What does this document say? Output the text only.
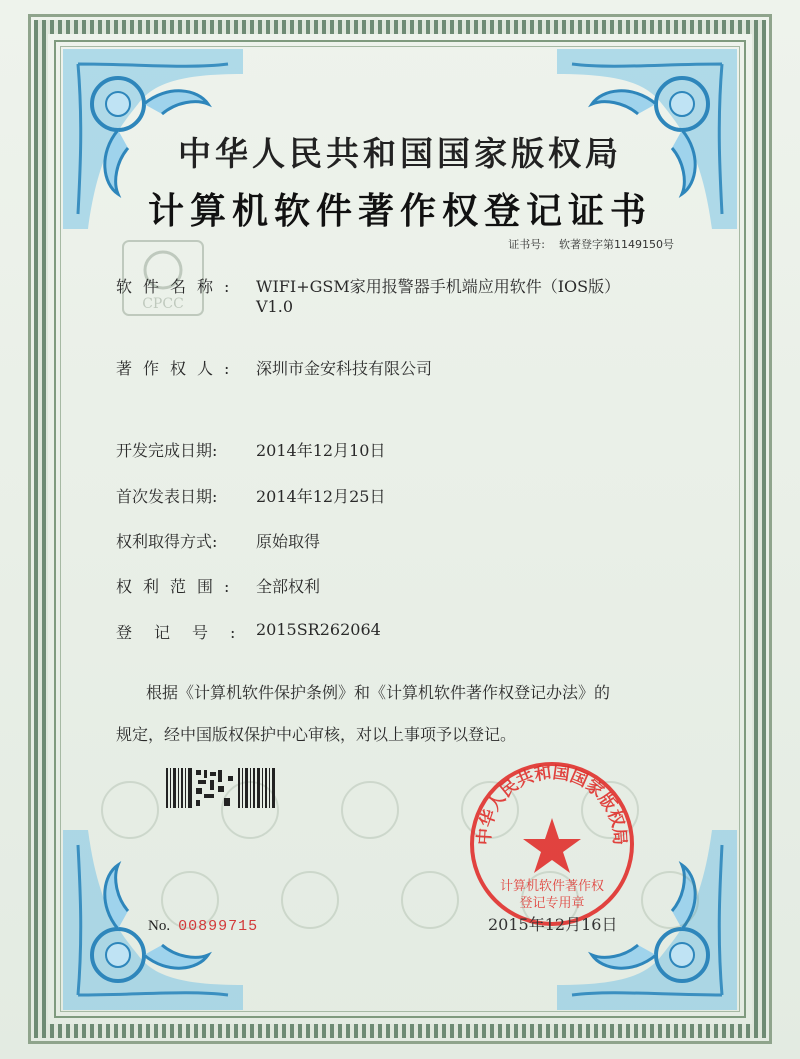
CPCC
中华人民共和国国家版权局
计算机软件著作权登记证书
证书号: 软著登字第1149150号
软件名称: WIFI+GSM家用报警器手机端应用软件（IOS版）
V1.0
著作权人: 深圳市金安科技有限公司
开发完成日期:	2014年12月10日
首次发表日期:	2014年12月25日
权利取得方式:	原始取得
权利范围: 全部权利
登记号:
2015SR262064
根据《计算机软件保护条例》和《计算机软件著作权登记办法》的
规定，经中国版权保护中心审核，对以上事项予以登记。
中华人民共和国国家版权局
计算机软件著作权
登记专用章
No. 00899715	2015年12月16日
